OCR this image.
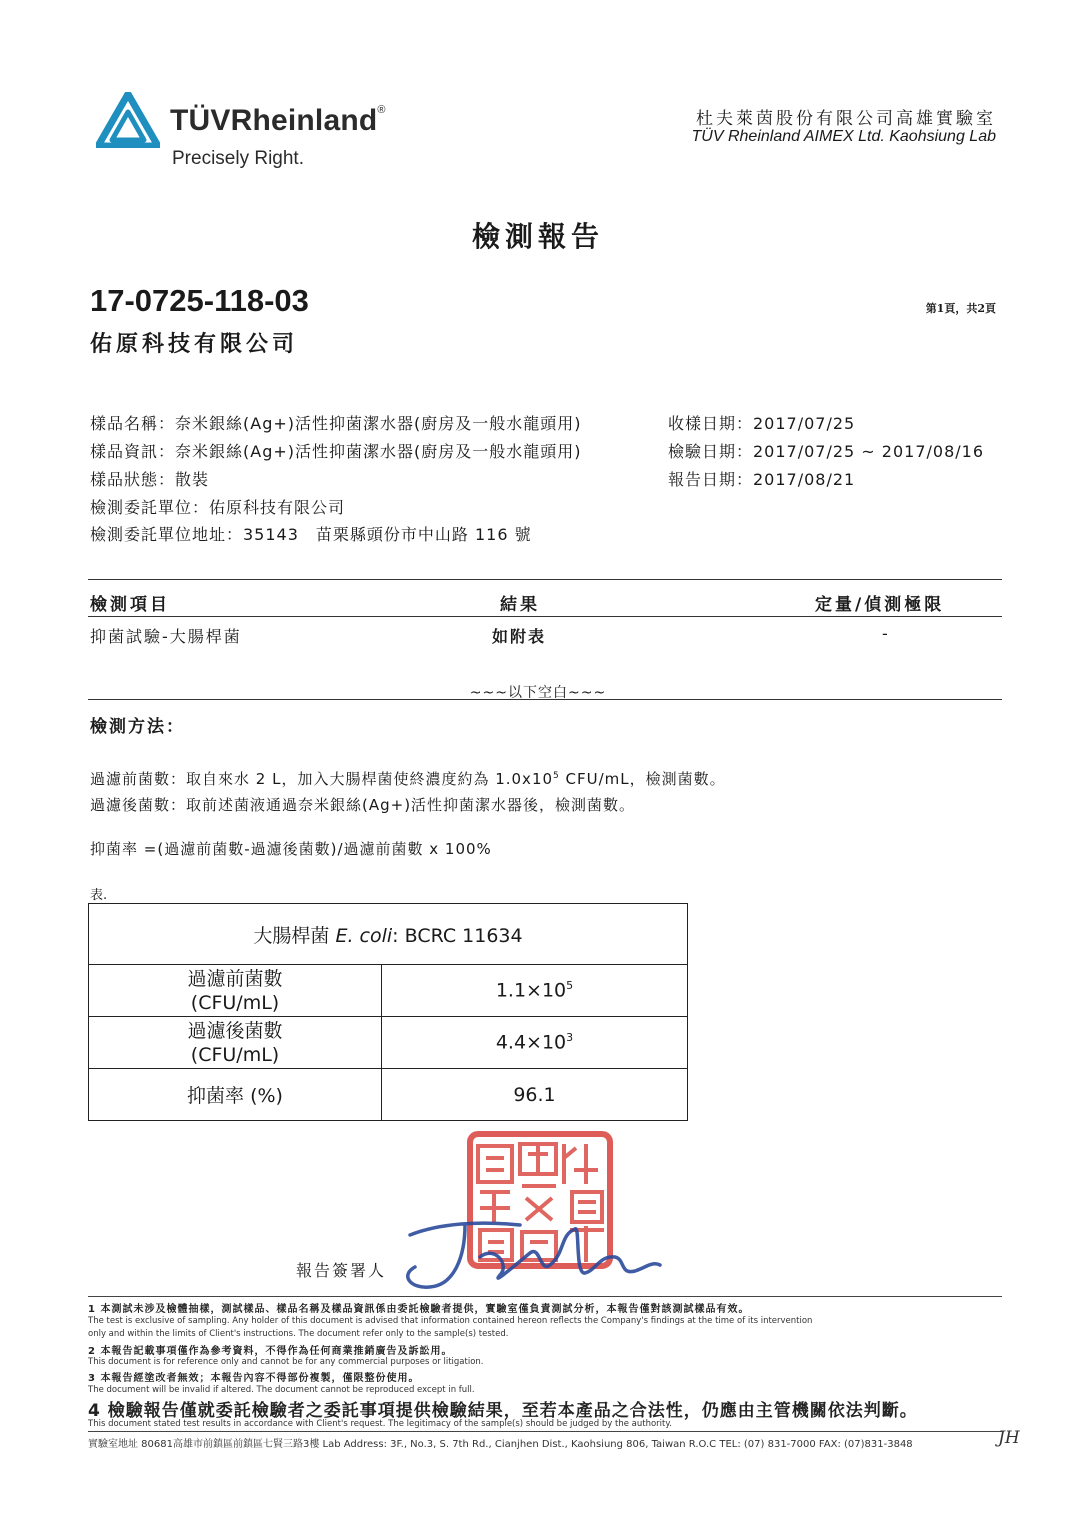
TÜVRheinland®
Precisely Right.
杜夫萊茵股份有限公司高雄實驗室
TÜV Rheinland AIMEX Ltd. Kaohsiung Lab
檢測報告
17-0725-118-03
佑原科技有限公司
第1頁，共2頁
樣品名稱：奈米銀絲(Ag+)活性抑菌潔水器(廚房及一般水龍頭用)
樣品資訊：奈米銀絲(Ag+)活性抑菌潔水器(廚房及一般水龍頭用)
樣品狀態：散裝
檢測委託單位：佑原科技有限公司
檢測委託單位地址：35143　苗栗縣頭份市中山路 116 號
收樣日期：2017/07/25
檢驗日期：2017/07/25 ~ 2017/08/16
報告日期：2017/08/21
檢測項目	結果	定量/偵測極限
抑菌試驗-大腸桿菌	如附表	-
~~~以下空白~~~
檢測方法：
過濾前菌數：取自來水 2 L，加入大腸桿菌使終濃度約為 $1.0x10^5$ CFU/mL，檢測菌數。
過濾後菌數：取前述菌液通過奈米銀絲(Ag+)活性抑菌潔水器後，檢測菌數。
抑菌率 =(過濾前菌數-過濾後菌數)/過濾前菌數 x 100%
表.
大腸桿菌 E. coli: BCRC 11634	
過濾前菌數
(CFU/mL)	$1.1\times 10^5$
過濾後菌數
(CFU/mL)	$4.4\times 10^3$
抑菌率 (%)	96.1
報告簽署人
1 本測試未涉及檢體抽樣，測試樣品、樣品名稱及樣品資訊係由委託檢驗者提供，實驗室僅負責測試分析，本報告僅對該測試樣品有效。
The test is exclusive of sampling. Any holder of this document is advised that information contained hereon reflects the Company's findings at the time of its intervention
only and within the limits of Client's instructions. The document refer only to the sample(s) tested.
2 本報告記載事項僅作為參考資料，不得作為任何商業推銷廣告及訴訟用。
This document is for reference only and cannot be for any commercial purposes or litigation.
3 本報告經塗改者無效；本報告內容不得部份複製，僅限整份使用。
The document will be invalid if altered. The document cannot be reproduced except in full.
4 檢驗報告僅就委託檢驗者之委託事項提供檢驗結果，至若本產品之合法性，仍應由主管機關依法判斷。
This document stated test results in accordance with Client's request. The legitimacy of the sample(s) should be judged by the authority.
實驗室地址 80681高雄市前鎮區前鎮區七賢三路3樓 Lab Address: 3F., No.3, S. 7th Rd., Cianjhen Dist., Kaohsiung 806, Taiwan R.O.C TEL: (07) 831-7000 FAX: (07)831-3848	JH
